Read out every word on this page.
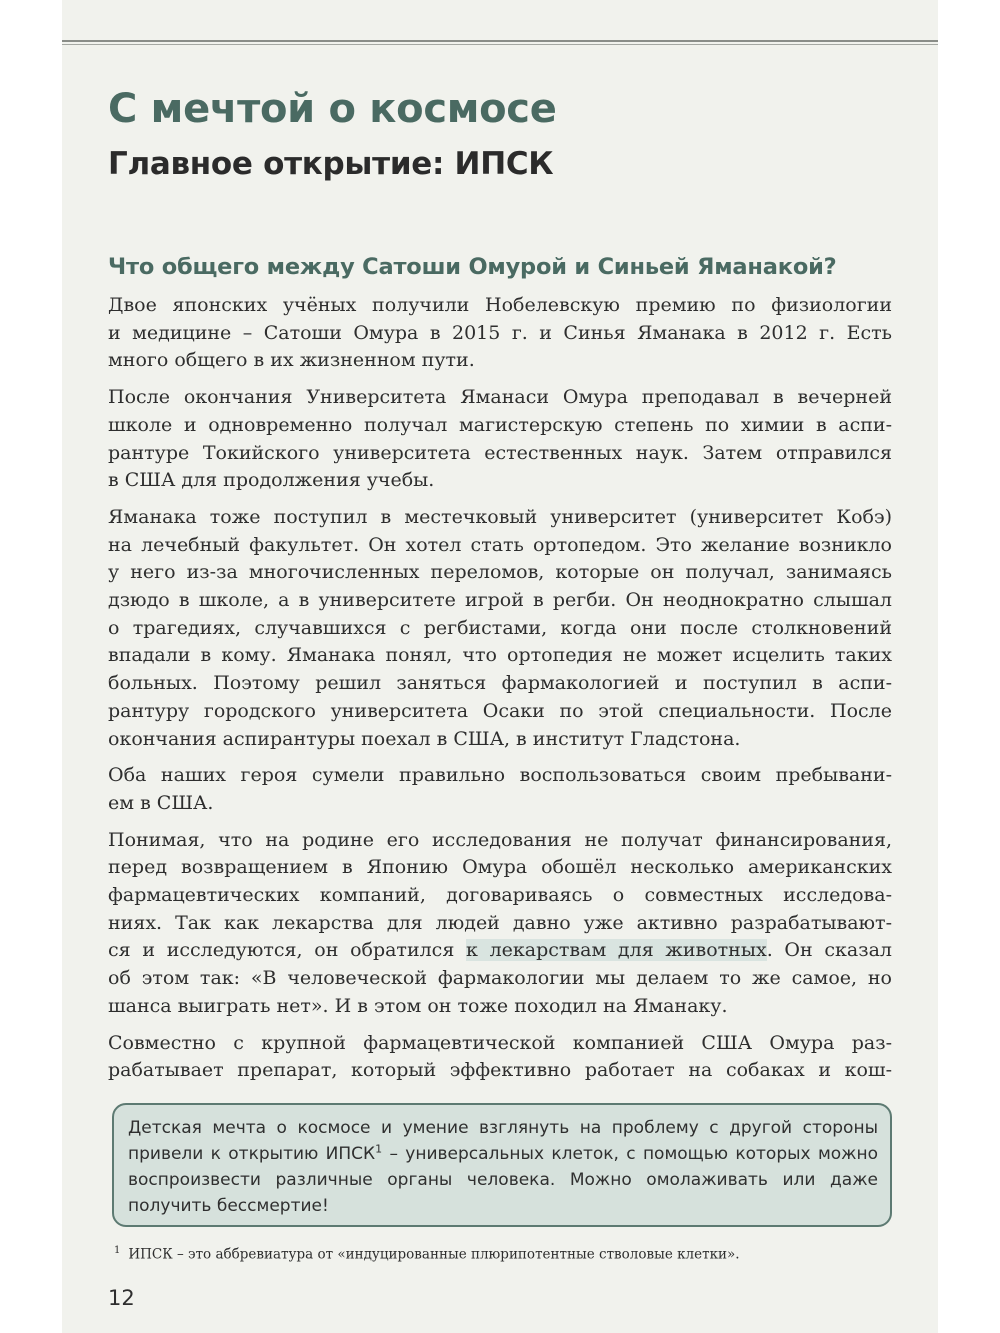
С мечтой о космосе
Главное открытие: ИПСК
Что общего между Сатоши Омурой и Синьей Яманакой?

Двое японских учёных получили Нобелевскую премию по физиологии
и медицине – Сатоши Омура в 2015 г. и Синья Яманака в 2012 г. Есть
много общего в их жизненном пути.

После окончания Университета Яманаси Омура преподавал в вечерней
школе и одновременно получал магистерскую степень по химии в аспи-
рантуре Токийского университета естественных наук. Затем отправился
в США для продолжения учебы.

Яманака тоже поступил в местечковый университет (университет Кобэ)
на лечебный факультет. Он хотел стать ортопедом. Это желание возникло
у него из-за многочисленных переломов, которые он получал, занимаясь
дзюдо в школе, а в университете игрой в регби. Он неоднократно слышал
о трагедиях, случавшихся с регбистами, когда они после столкновений
впадали в кому. Яманака понял, что ортопедия не может исцелить таких
больных. Поэтому решил заняться фармакологией и поступил в аспи-
рантуру городского университета Осаки по этой специальности. После
окончания аспирантуры поехал в США, в институт Гладстона.

Оба наших героя сумели правильно воспользоваться своим пребывани-
ем в США.

Понимая, что на родине его исследования не получат финансирования,
перед возвращением в Японию Омура обошёл несколько американских
фармацевтических компаний, договариваясь о совместных исследова-
ниях. Так как лекарства для людей давно уже активно разрабатывают-
ся и исследуются, он обратился к лекарствам для животных. Он сказал
об этом так: «В человеческой фармакологии мы делаем то же самое, но
шанса выиграть нет». И в этом он тоже походил на Яманаку.

Совместно с крупной фармацевтической компанией США Омура раз-
рабатывает препарат, который эффективно работает на собаках и кош-

Детская мечта о космосе и умение взглянуть на проблему с другой стороны
привели к открытию ИПСК$^1$ – универсальных клеток, с помощью которых можно
воспроизвести различные органы человека. Можно омолаживать или даже
получить бессмертие!
$^1$ ИПСК – это аббревиатура от «индуцированные плюрипотентные стволовые клетки».
12
